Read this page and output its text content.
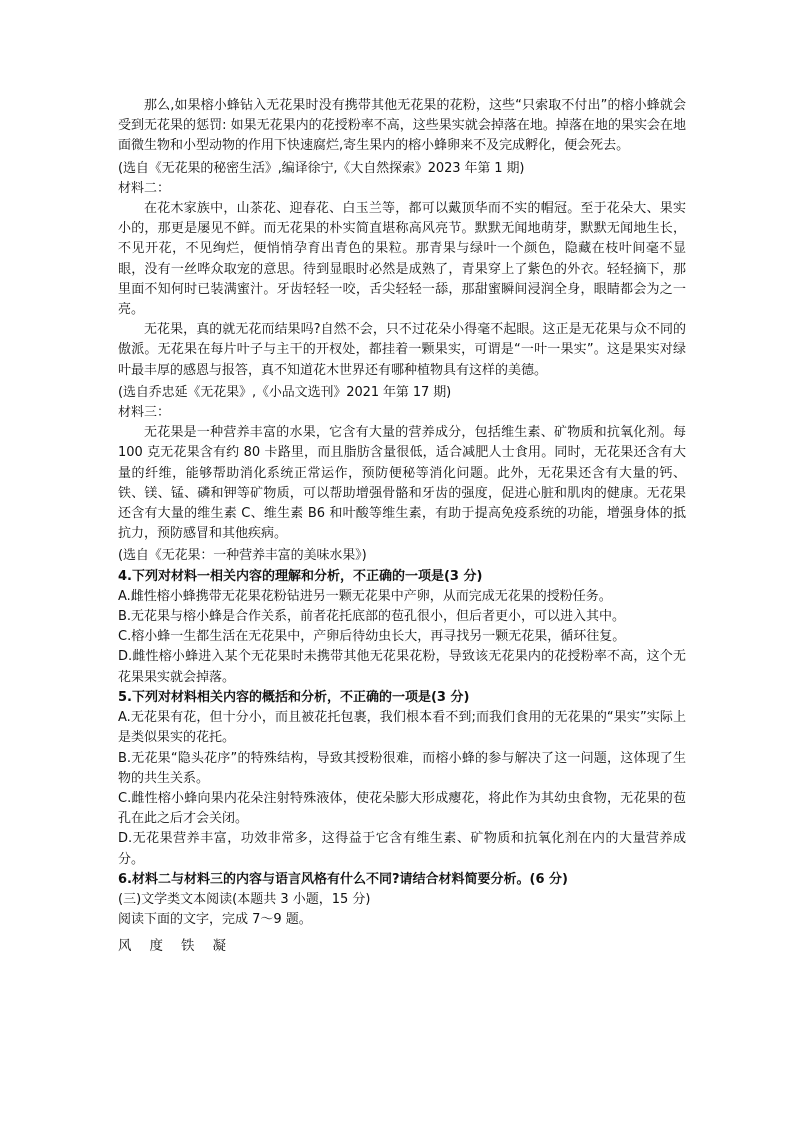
那么,如果榕小蜂钻入无花果时没有携带其他无花果的花粉，这些“只索取不付出”的榕小蜂就会受到无花果的惩罚: 如果无花果内的花授粉率不高，这些果实就会掉落在地。掉落在地的果实会在地面微生物和小型动物的作用下快速腐烂,寄生果内的榕小蜂卵来不及完成孵化，便会死去。

(选自《无花果的秘密生活》,编译徐宁,《大自然探索》2023 年第 1 期)

材料二：

在花木家族中，山茶花、迎春花、白玉兰等，都可以戴顶华而不实的帽冠。至于花朵大、果实小的，那更是屡见不鲜。而无花果的朴实简直堪称高风亮节。默默无闻地萌芽，默默无闻地生长，不见开花，不见绚烂，便悄悄孕育出青色的果粒。那青果与绿叶一个颜色，隐藏在枝叶间毫不显眼，没有一丝哗众取宠的意思。待到显眼时必然是成熟了，青果穿上了紫色的外衣。轻轻摘下，那里面不知何时已装满蜜汁。牙齿轻轻一咬，舌尖轻轻一舔，那甜蜜瞬间浸润全身，眼睛都会为之一亮。

无花果，真的就无花而结果吗?自然不会，只不过花朵小得毫不起眼。这正是无花果与众不同的傲派。无花果在每片叶子与主干的开杈处，都挂着一颗果实，可谓是“一叶一果实”。这是果实对绿叶最丰厚的感恩与报答，真不知道花木世界还有哪种植物具有这样的美德。

(选自乔忠延《无花果》,《小品文选刊》2021 年第 17 期)

材料三：

无花果是一种营养丰富的水果，它含有大量的营养成分，包括维生素、矿物质和抗氧化剂。每 100 克无花果含有约 80 卡路里，而且脂肪含量很低，适合减肥人士食用。同时，无花果还含有大量的纤维，能够帮助消化系统正常运作，预防便秘等消化问题。此外，无花果还含有大量的钙、铁、镁、锰、磷和钾等矿物质，可以帮助增强骨骼和牙齿的强度，促进心脏和肌肉的健康。无花果还含有大量的维生素 C、维生素 B6 和叶酸等维生素，有助于提高免疫系统的功能，增强身体的抵抗力，预防感冒和其他疾病。

(选自《无花果：一种营养丰富的美味水果》)

4.下列对材料一相关内容的理解和分析，不正确的一项是(3 分)

A.雌性榕小蜂携带无花果花粉钻进另一颗无花果中产卵，从而完成无花果的授粉任务。

B.无花果与榕小蜂是合作关系，前者花托底部的苞孔很小，但后者更小，可以进入其中。

C.榕小蜂一生都生活在无花果中，产卵后待幼虫长大，再寻找另一颗无花果，循环往复。

D.雌性榕小蜂进入某个无花果时未携带其他无花果花粉，导致该无花果内的花授粉率不高，这个无花果果实就会掉落。

5.下列对材料相关内容的概括和分析，不正确的一项是(3 分)

A.无花果有花，但十分小，而且被花托包裹，我们根本看不到;而我们食用的无花果的“果实”实际上是类似果实的花托。

B.无花果“隐头花序”的特殊结构，导致其授粉很难，而榕小蜂的参与解决了这一问题，这体现了生物的共生关系。

C.雌性榕小蜂向果内花朵注射特殊液体，使花朵膨大形成瘿花，将此作为其幼虫食物，无花果的苞孔在此之后才会关闭。

D.无花果营养丰富，功效非常多，这得益于它含有维生素、矿物质和抗氧化剂在内的大量营养成分。

6.材料二与材料三的内容与语言风格有什么不同?请结合材料简要分析。(6 分)

(三)文学类文本阅读(本题共 3 小题，15 分)

阅读下面的文字，完成 7～9 题。

风度铁凝
